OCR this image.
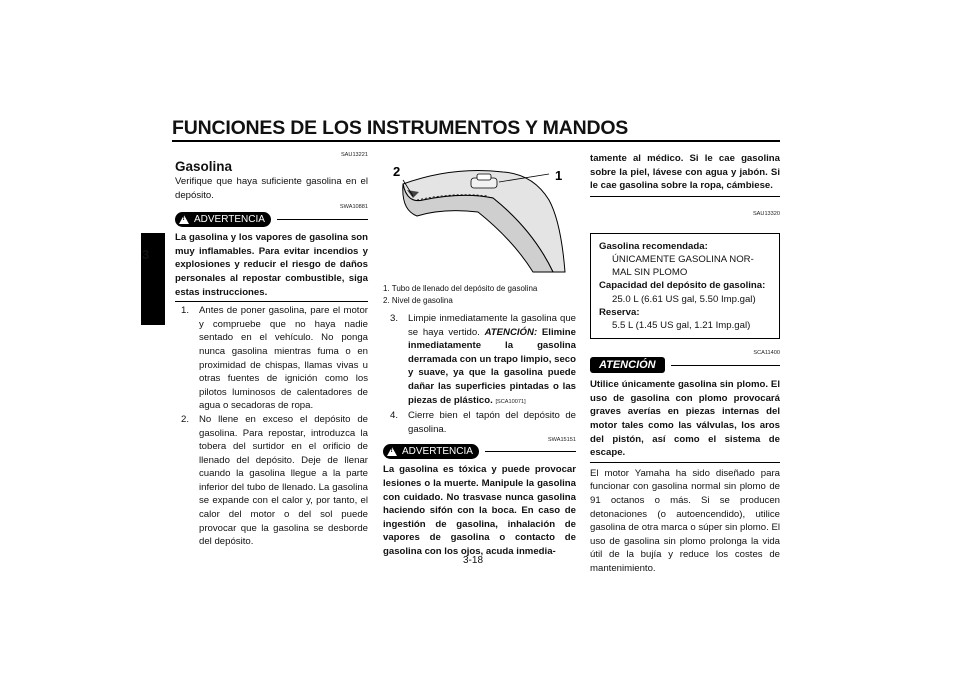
FUNCIONES DE LOS INSTRUMENTOS Y MANDOS
3
SAU13221
Gasolina
Verifique que haya suficiente gasolina en el depósito.
SWA10881
!
ADVERTENCIA
La gasolina y los vapores de gasolina son muy inflamables. Para evitar incendios y explosiones y reducir el riesgo de daños personales al repostar combustible, siga estas instrucciones.
1. Antes de poner gasolina, pare el motor y compruebe que no haya nadie sentado en el vehículo. No ponga nunca gasolina mientras fuma o en proximidad de chispas, llamas vivas u otras fuentes de ignición como los pilotos luminosos de calentadores de agua o secadoras de ropa.
2. No llene en exceso el depósito de gasolina. Para repostar, introduzca la tobera del surtidor en el orificio de llenado del depósito. Deje de llenar cuando la gasolina llegue a la parte inferior del tubo de llenado. La gasolina se expande con el calor y, por tanto, el calor del motor o del sol puede provocar que la gasolina se desborde del depósito.
2	1
1. Tubo de llenado del depósito de gasolina
2. Nivel de gasolina
3. Limpie inmediatamente la gasolina que se haya vertido. ATENCIÓN: Elimine inmediatamente la gasolina derramada con un trapo limpio, seco y suave, ya que la gasolina puede dañar las superficies pintadas o las piezas de plástico. [SCA10071]
4. Cierre bien el tapón del depósito de gasolina.
SWA15151
!
ADVERTENCIA
La gasolina es tóxica y puede provocar lesiones o la muerte. Manipule la gasolina con cuidado. No trasvase nunca gasolina haciendo sifón con la boca. En caso de ingestión de gasolina, inhalación de vapores de gasolina o contacto de gasolina con los ojos, acuda inmedia-
tamente al médico. Si le cae gasolina sobre la piel, lávese con agua y jabón. Si le cae gasolina sobre la ropa, cámbiese.
SAU13320
Gasolina recomendada:
ÚNICAMENTE GASOLINA NOR-
MAL SIN PLOMO
Capacidad del depósito de gasolina:
25.0 L (6.61 US gal, 5.50 Imp.gal)
Reserva:
5.5 L (1.45 US gal, 1.21 Imp.gal)
SCA11400
ATENCIÓN
Utilice únicamente gasolina sin plomo. El uso de gasolina con plomo provocará graves averías en piezas internas del motor tales como las válvulas, los aros del pistón, así como el sistema de escape.
El motor Yamaha ha sido diseñado para funcionar con gasolina normal sin plomo de 91 octanos o más. Si se producen detonaciones (o autoencendido), utilice gasolina de otra marca o súper sin plomo. El uso de gasolina sin plomo prolonga la vida útil de la bujía y reduce los costes de mantenimiento.
3-18
